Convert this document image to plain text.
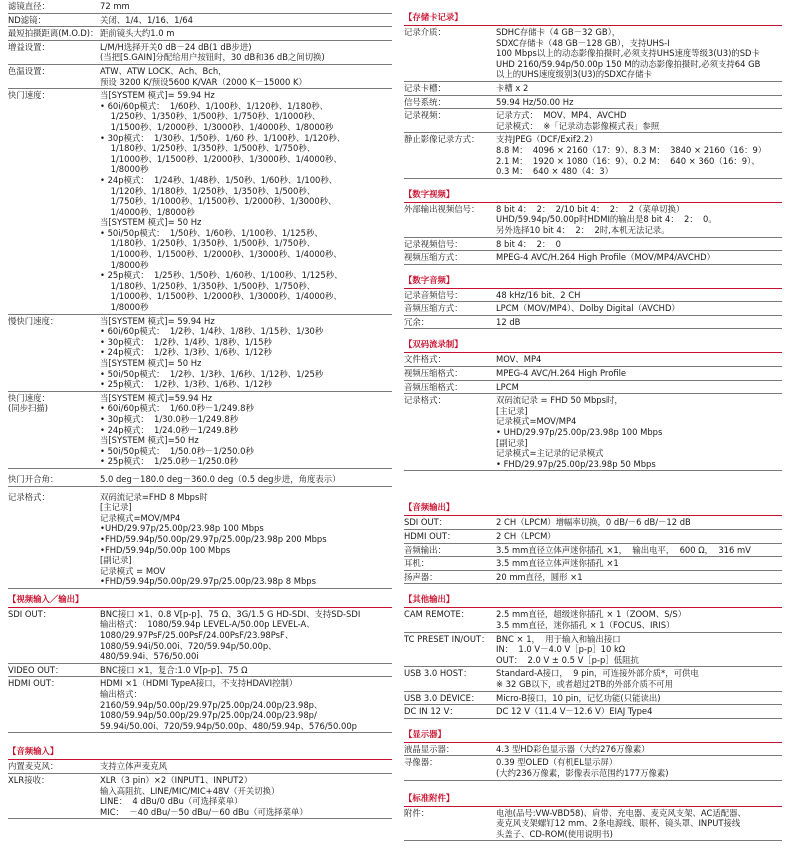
滤镜直径：	72 mm
ND滤镜：	关闭、1/4、1/16、1/64
最短拍摄距离(M.O.D)： 距前镜头大约1.0 m
增益设置：	L/M/H选择开关0 dB－24 dB(1 dB步进)
(当把[S.GAIN]分配给用户按钮时，30 dB和36 dB之间切换)
色温设置：	ATW、ATW LOCK、Ach、Bch，
预设 3200 K/预设5600 K/VAR（2000 K－15000 K）
快门速度：	当[SYSTEM 模式]= 59.94 Hz
• 60i/60p模式：  1/60秒、1/100秒、1/120秒、1/180秒、
1/250秒、1/350秒、1/500秒、1/750秒、1/1000秒、
1/1500秒、1/2000秒、1/3000秒、1/4000秒、1/8000秒
• 30p模式：  1/30秒、1/50秒、1/60 秒、1/100秒、1/120秒、
1/180秒、1/250秒、1/350秒、1/500秒、1/750秒、
1/1000秒、1/1500秒、1/2000秒、1/3000秒、1/4000秒、
1/8000秒
• 24p模式：  1/24秒、1/48秒、1/50秒、1/60秒、1/100秒、
1/120秒、1/180秒、1/250秒、1/350秒、1/500秒、
1/750秒、1/1000秒、1/1500秒、1/2000秒、1/3000秒、
1/4000秒、1/8000秒
当[SYSTEM 模式]= 50 Hz
• 50i/50p模式：  1/50秒、1/60秒、1/100秒、1/125秒、
1/180秒、1/250秒、1/350秒、1/500秒、1/750秒、
1/1000秒、1/1500秒、1/2000秒、1/3000秒、1/4000秒、
1/8000秒
• 25p模式：  1/25秒、1/50秒、1/60秒、1/100秒、1/125秒、
1/180秒、1/250秒、1/350秒、1/500秒、1/750秒、
1/1000秒、1/1500秒、1/2000秒、1/3000秒、1/4000秒、
1/8000秒
慢快门速度：	当[SYSTEM 模式]= 59.94 Hz
• 60i/60p模式：  1/2秒、1/4秒、1/8秒、1/15秒、1/30秒
• 30p模式：  1/2秒、1/4秒、1/8秒、1/15秒
• 24p模式：  1/2秒、1/3秒、1/6秒、1/12秒
当[SYSTEM 模式]= 50 Hz
• 50i/50p模式：  1/2秒、1/3秒、1/6秒、1/12秒、1/25秒
• 25p模式：  1/2秒、1/3秒、1/6秒、1/12秒
快门速度：
(同步扫描)
当[SYSTEM 模式]=59.94 Hz
• 60i/60p模式：  1/60.0秒－1/249.8秒
• 30p模式：  1/30.0秒－1/249.8秒
• 24p模式：  1/24.0秒－1/249.8秒
当[SYSTEM 模式]=50 Hz
• 50i/50p模式：  1/50.0秒－1/250.0秒
• 25p模式：  1/25.0秒－1/250.0秒
快门开合角：	5.0 deg－180.0 deg－360.0 deg（0.5 deg步进，角度表示）
记录格式：	双码流记录=FHD 8 Mbps时
[主记录]
记录模式=MOV/MP4
•UHD/29.97p/25.00p/23.98p 100 Mbps
•FHD/59.94p/50.00p/29.97p/25.00p/23.98p 200 Mbps
•FHD/59.94p/50.00p 100 Mbps
[副记录]
记录模式 = MOV
•FHD/59.94p/50.00p/29.97p/25.00p/23.98p 8 Mbps
【视频输入／输出】
SDI OUT：	BNC接口 ×1、0.8 V[p-p]、75 Ω、3G/1.5 G HD-SDI、支持SD-SDI
输出格式：  1080/59.94p LEVEL-A/50.00p LEVEL-A、
1080/29.97PsF/25.00PsF/24.00PsF/23.98PsF、
1080/59.94i/50.00i、720/59.94p/50.00p、
480/59.94i、576/50.00i
VIDEO OUT：	BNC接口 ×1，复合:1.0 V[p-p]、75 Ω
HDMI OUT：	HDMI ×1（HDMI TypeA接口，不支持HDAVI控制）
输出格式：
2160/59.94p/50.00p/29.97p/25.00p/24.00p/23.98p、
1080/59.94p/50.00p/29.97p/25.00p/24.00p/23.98p/
59.94i/50.00i、720/59.94p/50.00p、480/59.94p、576/50.00p
【音频输入】
内置麦克风：	支持立体声麦克风
XLR接收：	XLR（3 pin）×2（INPUT1、INPUT2）
输入高阻抗、LINE/MIC/MIC+48V（开关切换）
LINE：  4 dBu/0 dBu（可选择菜单）
MIC：  －40 dBu/－50 dBu/－60 dBu（可选择菜单）
【存储卡记录】
记录介质：	SDHC存储卡（4 GB－32 GB），
SDXC存储卡（48 GB－128 GB），支持UHS-I
100 Mbps以上的动态影像拍摄时,必须支持UHS速度等级3(U3)的SD卡
UHD 2160/59.94p/50.00p 150 M的动态影像拍摄时,必须支持64 GB
以上的UHS速度级别3(U3)的SDXC存储卡
记录卡槽：	卡槽 x 2
信号系统：	59.94 Hz/50.00 Hz
记录视频：	记录方式：  MOV、MP4、AVCHD
记录模式：  ※「记录动态影像模式表」参照
静止影像记录方式：	支持JPEG（DCF/Exif2.2）
8.8 M：  4096 × 2160（17：9）、8.3 M：  3840 × 2160（16：9）
2.1 M：  1920 × 1080（16：9）、0.2 M：  640 × 360（16：9）、
0.3 M：  640 × 480（4：3）
【数字视频】
外部输出视频信号：	8 bit 4：  2：  2/10 bit 4：  2：  2（菜单切换）
UHD/59.94p/50.00p时HDMI的输出是8 bit 4：  2：  0。
另外选择10 bit 4：  2：  2时,本机无法记录。
记录视频信号：	8 bit 4：  2：  0
视频压缩方式：	MPEG-4 AVC/H.264 High Profile（MOV/MP4/AVCHD）
【数字音频】
记录音频信号：	48 kHz/16 bit、2 CH
音频压缩方式：	LPCM（MOV/MP4）、Dolby Digital（AVCHD）
冗余：	12 dB
【双码流录制】
文件格式：	MOV、MP4
视频压缩格式：	MPEG-4 AVC/H.264 High Profile
音频压缩格式：	LPCM
记录格式：	双码流记录 = FHD 50 Mbps时，
[主记录]
记录模式=MOV/MP4
• UHD/29.97p/25.00p/23.98p 100 Mbps
[副记录]
记录模式=主记录的记录模式
• FHD/29.97p/25.00p/23.98p 50 Mbps
【音频输出】
SDI OUT：	2 CH（LPCM）增幅率切换，0 dB/－6 dB/－12 dB
HDMI OUT：	2 CH（LPCM）
音频输出：	3.5 mm直径立体声迷你插孔 ×1，  输出电平，  600 Ω，  316 mV
耳机：	3.5 mm直径立体声迷你插孔 ×1
扬声器：	20 mm直径，圆形 ×1
【其他输出】
CAM REMOTE：	2.5 mm直径，超级迷你插孔 × 1（ZOOM、S/S）
3.5 mm直径，迷你插孔 × 1（FOCUS、IRIS）
TC PRESET IN/OUT： BNC × 1，  用于输入和输出接口
IN：  1.0 V－4.0 V［p-p］10 kΩ
OUT：  2.0 V ± 0.5 V［p-p］低阻抗
USB 3.0 HOST：	Standard-A接口，  9 pin，可连接外部介质*，可供电
※ 32 GB以下，或者超过2TB的外部介质不可用
USB 3.0 DEVICE：	Micro-B接口，10 pin，记忆功能(只能读出)
DC IN 12 V：	DC 12 V（11.4 V－12.6 V）EIAJ Type4
【显示器】
液晶显示器：	4.3 型HD彩色显示器（大约276万像素）
寻像器：	0.39 型OLED（有机EL显示屏）
(大约236万像素，影像表示范围约177万像素)
【标准附件】
附件：	电池(品号:VW-VBD58)、肩带、充电器、麦克风支架、AC适配器、
麦克风支架螺钉12 mm、2条电源线、眼杯、镜头罩、INPUT接线
头盖子、CD-ROM(使用说明书)
